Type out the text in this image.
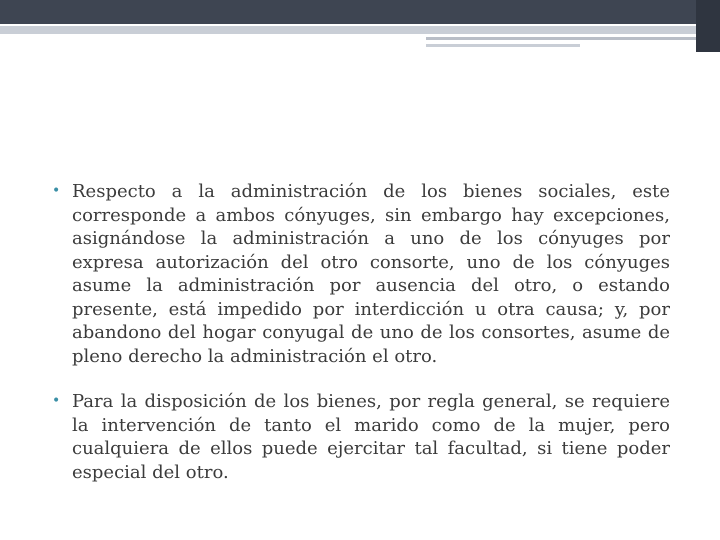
• Respecto a la administración de los bienes sociales, este corresponde a ambos cónyuges, sin embargo hay excepciones, asignándose la administración a uno de los cónyuges por expresa autorización del otro consorte, uno de los cónyuges asume la administración por ausencia del otro, o estando presente, está impedido por interdicción u otra causa; y, por abandono del hogar conyugal de uno de los consortes, asume de pleno derecho la administración el otro.
• Para la disposición de los bienes, por regla general, se requiere la intervención de tanto el marido como de la mujer, pero cualquiera de ellos puede ejercitar tal facultad, si tiene poder especial del otro.
